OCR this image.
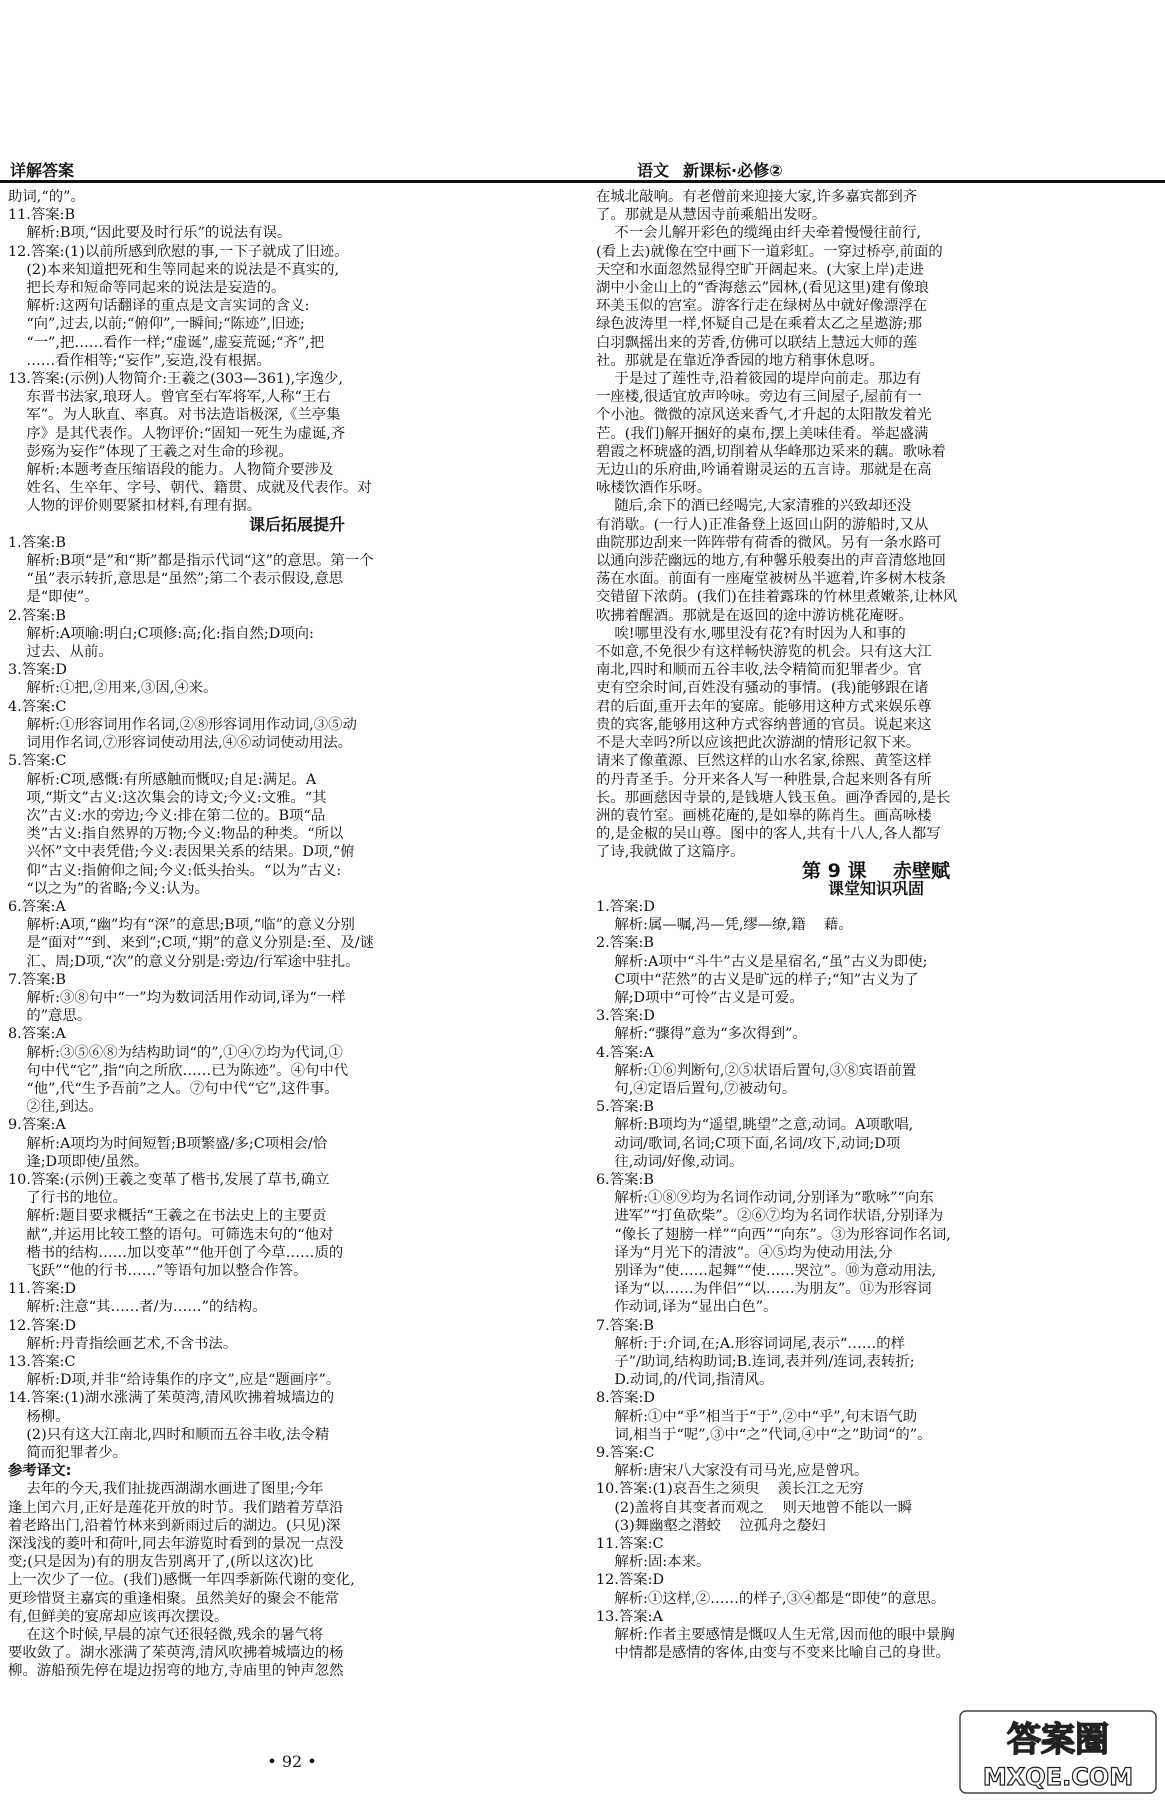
详解答案	语文 新课标·必修②

助词,“的”。

11.答案:B

解析:B项,“因此要及时行乐”的说法有误。

12.答案:(1)以前所感到欣慰的事,一下子就成了旧迹。

(2)本来知道把死和生等同起来的说法是不真实的,

把长寿和短命等同起来的说法是妄造的。

解析:这两句话翻译的重点是文言实词的含义:

“向”,过去,以前;“俯仰”,一瞬间;“陈迹”,旧迹;

“一”,把……看作一样;“虚诞”,虚妄荒诞;“齐”,把

……看作相等;“妄作”,妄造,没有根据。

13.答案:(示例)人物简介:王羲之(303—361),字逸少,

东晋书法家,琅玡人。曾官至右军将军,人称“王右

军”。为人耿直、率真。对书法造诣极深,《兰亭集

序》是其代表作。人物评价:“固知一死生为虚诞,齐

彭殇为妄作”体现了王羲之对生命的珍视。

解析:本题考查压缩语段的能力。人物简介要涉及

姓名、生卒年、字号、朝代、籍贯、成就及代表作。对

人物的评价则要紧扣材料,有理有据。

课后拓展提升

1.答案:B

解析:B项“是”和“斯”都是指示代词“这”的意思。第一个

“虽”表示转折,意思是“虽然”;第二个表示假设,意思

是“即使”。

2.答案:B

解析:A项喻:明白;C项修:高;化:指自然;D项向:

过去、从前。

3.答案:D

解析:①把,②用来,③因,④来。

4.答案:C

解析:①形容词用作名词,②⑧形容词用作动词,③⑤动

词用作名词,⑦形容词使动用法,④⑥动词使动用法。

5.答案:C

解析:C项,感慨:有所感触而慨叹;自足:满足。A

项,“斯文”古义:这次集会的诗文;今义:文雅。“其

次”古义:水的旁边;今义:排在第二位的。B项“品

类”古义:指自然界的万物;今义:物品的种类。“所以

兴怀”文中表凭借;今义:表因果关系的结果。D项,“俯

仰”古义:指俯仰之间;今义:低头抬头。“以为”古义:

“以之为”的省略;今义:认为。

6.答案:A

解析:A项,“幽”均有“深”的意思;B项,“临”的意义分别

是“面对”“到、来到”;C项,“期”的意义分别是:至、及/谜

汇、周;D项,“次”的意义分别是:旁边/行军途中驻扎。

7.答案:B

解析:③⑧句中“一”均为数词活用作动词,译为“一样

的”意思。

8.答案:A

解析:③⑤⑥⑧为结构助词“的”,①④⑦均为代词,①

句中代“它”,指“向之所欣……已为陈迹”。④句中代

“他”,代“生予吾前”之人。⑦句中代“它”,这件事。

②往,到达。

9.答案:A

解析:A项均为时间短暂;B项繁盛/多;C项相会/恰

逢;D项即使/虽然。

10.答案:(示例)王羲之变革了楷书,发展了草书,确立

了行书的地位。

解析:题目要求概括“王羲之在书法史上的主要贡

献”,并运用比较工整的语句。可筛选末句的“他对

楷书的结构……加以变革”“他开创了今草……质的

飞跃”“他的行书……”等语句加以整合作答。

11.答案:D

解析:注意“其……者/为……”的结构。

12.答案:D

解析:丹青指绘画艺术,不含书法。

13.答案:C

解析:D项,并非“给诗集作的序文”,应是“题画序”。

14.答案:(1)湖水涨满了茱萸湾,清风吹拂着城墙边的

杨柳。

(2)只有这大江南北,四时和顺而五谷丰收,法令精

简而犯罪者少。

参考译文:

去年的今天,我们扯拢西湖湖水画进了图里;今年

逢上闰六月,正好是莲花开放的时节。我们踏着芳草沿

着老路出门,沿着竹林来到新雨过后的湖边。(只见)深

深浅浅的菱叶和荷叶,同去年游览时看到的景况一点没

变;(只是因为)有的朋友告别离开了,(所以这次)比

上一次少了一位。(我们)感慨一年四季新陈代谢的变化,

更珍惜贤主嘉宾的重逢相聚。虽然美好的聚会不能常

有,但鲜美的宴席却应该再次摆设。

在这个时候,早晨的凉气还很轻微,残余的暑气将

要收敛了。湖水涨满了茱萸湾,清风吹拂着城墙边的杨

柳。游船预先停在堤边拐弯的地方,寺庙里的钟声忽然

在城北敲响。有老僧前来迎接大家,许多嘉宾都到齐

了。那就是从慧因寺前乘船出发呀。

不一会儿解开彩色的缆绳由纤夫牵着慢慢往前行,

(看上去)就像在空中画下一道彩虹。一穿过桥亭,前面的

天空和水面忽然显得空旷开阔起来。(大家上岸)走进

湖中小金山上的“香海慈云”园林,(看见这里)建有像琅

环美玉似的宫室。游客行走在绿树丛中就好像漂浮在

绿色波涛里一样,怀疑自己是在乘着太乙之星遨游;那

白羽飘摇出来的芳香,仿佛可以联结上慧远大师的莲

社。那就是在靠近净香园的地方稍事休息呀。

于是过了莲性寺,沿着筱园的堤岸向前走。那边有

一座楼,很适宜放声吟咏。旁边有三间屋子,屋前有一

个小池。微微的凉风送来香气,才升起的太阳散发着光

芒。(我们)解开捆好的桌布,摆上美味佳肴。举起盛满

碧霞之杯琥盛的酒,切削着从华峰那边采来的藕。歌咏着

无边山的乐府曲,吟诵着谢灵运的五言诗。那就是在高

咏楼饮酒作乐呀。

随后,余下的酒已经喝完,大家清雅的兴致却还没

有消歇。(一行人)正准备登上返回山阴的游船时,又从

曲院那边刮来一阵阵带有荷香的微风。另有一条水路可

以通向涉茫幽远的地方,有种馨乐般奏出的声音清悠地回

荡在水面。前面有一座庵堂被树丛半遮着,许多树木枝条

交错留下浓荫。(我们)在挂着露珠的竹林里煮嫩茶,让林风

吹拂着醒酒。那就是在返回的途中游访桃花庵呀。

唉!哪里没有水,哪里没有花?有时因为人和事的

不如意,不免很少有这样畅快游览的机会。只有这大江

南北,四时和顺而五谷丰收,法令精简而犯罪者少。官

吏有空余时间,百姓没有骚动的事情。(我)能够跟在诸

君的后面,重开去年的宴席。能够用这种方式来娱乐尊

贵的宾客,能够用这种方式容纳普通的官员。说起来这

不是大幸吗?所以应该把此次游湖的情形记叙下来。

请来了像董源、巨然这样的山水名家,徐熙、黄筌这样

的丹青圣手。分开来各人写一种胜景,合起来则各有所

长。那画慈因寺景的,是钱塘人钱玉鱼。画净香园的,是长

洲的袁竹室。画桃花庵的,是如皋的陈肖生。画高咏楼

的,是金椒的吴山尊。图中的客人,共有十八人,各人都写

了诗,我就做了这篇序。

第 9 课    赤壁赋

课堂知识巩固

1.答案:D

解析:属—嘱,冯—凭,缪—缭,籍    藉。

2.答案:B

解析:A项中“斗牛”古义是星宿名,“虽”古义为即使;

C项中“茫然”的古义是旷远的样子;“知”古义为了

解;D项中“可怜”古义是可爱。

3.答案:D

解析:“骤得”意为“多次得到”。

4.答案:A

解析:①⑥判断句,②⑤状语后置句,③⑧宾语前置

句,④定语后置句,⑦被动句。

5.答案:B

解析:B项均为“遥望,眺望”之意,动词。A项歌唱,

动词/歌词,名词;C项下面,名词/攻下,动词;D项

往,动词/好像,动词。

6.答案:B

解析:①⑧⑨均为名词作动词,分别译为“歌咏”“向东

进军”“打鱼砍柴”。②⑥⑦均为名词作状语,分别译为

“像长了翅膀一样”“向西”“向东”。③为形容词作名词,

译为“月光下的清波”。④⑤均为使动用法,分

别译为“使……起舞”“使……哭泣”。⑩为意动用法,

译为“以……为伴侣”“以……为朋友”。⑪为形容词

作动词,译为“显出白色”。

7.答案:B

解析:于:介词,在;A.形容词词尾,表示“……的样

子”/助词,结构助词;B.连词,表并列/连词,表转折;

D.动词,的/代词,指清风。

8.答案:D

解析:①中“乎”相当于“于”,②中“乎”,句末语气助

词,相当于“呢”,③中“之”代词,④中“之”助词“的”。

9.答案:C

解析:唐宋八大家没有司马光,应是曾巩。

10.答案:(1)哀吾生之须臾    羡长江之无穷

(2)盖将自其变者而观之    则天地曾不能以一瞬

(3)舞幽壑之潜蛟    泣孤舟之嫠妇

11.答案:C

解析:固:本来。

12.答案:D

解析:①这样,②……的样子,③④都是“即使”的意思。

13.答案:A

解析:作者主要感情是慨叹人生无常,因而他的眼中景胸

中情都是感情的客体,由变与不变来比喻自己的身世。

• 92 •
答案圈
MXQE.COM
